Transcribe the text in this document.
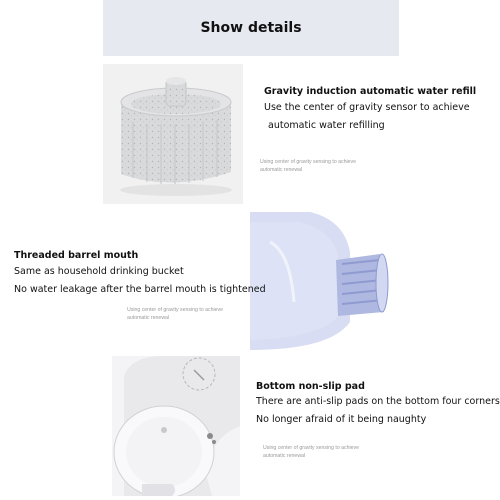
Show details
Gravity induction automatic water refill
Use the center of gravity sensor to achieve
automatic water refilling
Using center of gravity sensing to achieve
automatic renewal
Threaded barrel mouth
Same as household drinking bucket
No water leakage after the barrel mouth is tightened
Using center of gravity sensing to achieve
automatic renewal
Bottom non-slip pad
There are anti-slip pads on the bottom four corners
No longer afraid of it being naughty
Using center of gravity sensing to achieve
automatic renewal
